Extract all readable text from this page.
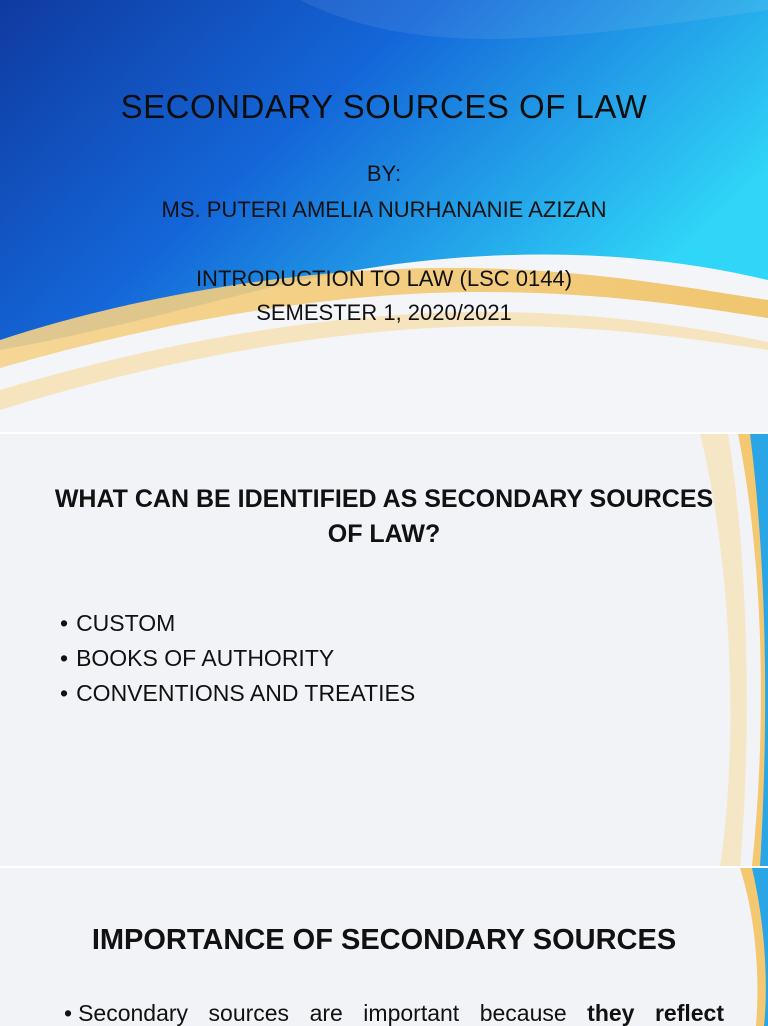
SECONDARY SOURCES OF LAW
BY:
MS. PUTERI AMELIA NURHANANIE AZIZAN
INTRODUCTION TO LAW (LSC 0144)
SEMESTER 1, 2020/2021
WHAT CAN BE IDENTIFIED AS SECONDARY SOURCES OF LAW?
• CUSTOM
• BOOKS OF AUTHORITY
• CONVENTIONS AND TREATIES
IMPORTANCE OF SECONDARY SOURCES

• Secondary sources are important because they reflect
